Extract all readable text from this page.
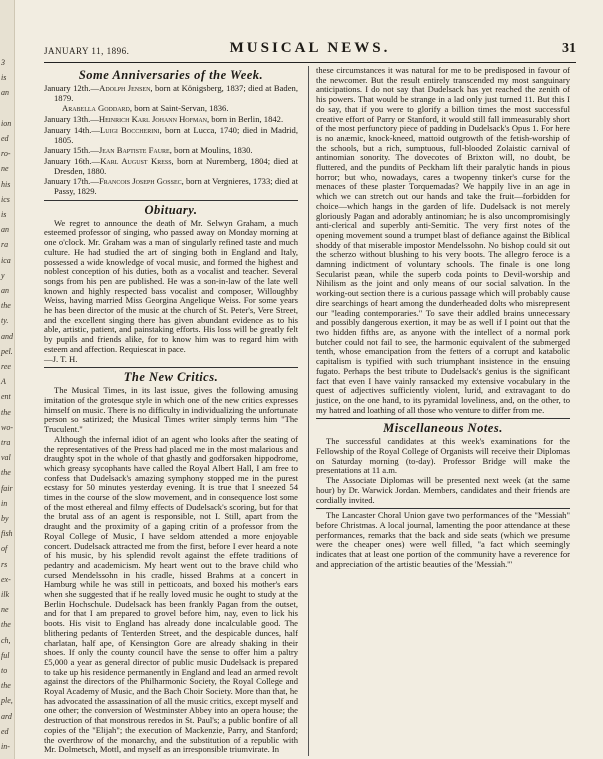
3
is
an
ion
ed
ro-
ne
his
ics
is
an
ra
ica
y
an
the
ty.
and
pel.
ree
A
ent
the
wo-
tra
val
the
fair
in
by
fish
of
rs
ex-
ilk
ne
the
ch,
ful
to
the
ple,
ard
ed
in-
JANUARY 11, 1896.	MUSICAL NEWS.	31
Some Anniversaries of the Week.

January 12th.—Adolph Jensen, born at Königsberg, 1837; died at Baden, 1879.

Arabella Goddard, born at Saint-Servan, 1836.

January 13th.—Heinrich Karl Johann Hofman, born in Berlin, 1842.

January 14th.—Luigi Boccherini, born at Lucca, 1740; died in Madrid, 1805.

January 15th.—Jean Baptiste Faure, born at Moulins, 1830.

January 16th.—Karl August Kress, born at Nuremberg, 1804; died at Dresden, 1880.

January 17th.—Francois Joseph Gossec, born at Vergnieres, 1733; died at Passy, 1829.

Obituary.

We regret to announce the death of Mr. Selwyn Graham, a much esteemed professor of singing, who passed away on Monday morning at one o'clock. Mr. Graham was a man of singularly refined taste and much culture. He had studied the art of singing both in England and Italy, possessed a wide knowledge of vocal music, and formed the highest and noblest conception of his duties, both as a vocalist and teacher. Several songs from his pen are published. He was a son-in-law of the late well known and highly respected bass vocalist and composer, Willoughby Weiss, having married Miss Georgina Angelique Weiss. For some years he has been director of the music at the church of St. Peter's, Vere Street, and the excellent singing there has given abundant evidence as to his able, artistic, patient, and painstaking efforts. His loss will be greatly felt by pupils and friends alike, for to know him was to regard him with esteem and affection. Requiescat in pace.

—J. T. H.

The New Critics.

The Musical Times, in its last issue, gives the following amusing imitation of the grotesque style in which one of the new critics expresses himself on music. There is no difficulty in individualizing the unfortunate person so satirized; the Musical Times writer simply terms him "The Truculent."

Although the infernal idiot of an agent who looks after the seating of the representatives of the Press had placed me in the most malarious and draughty spot in the whole of that ghastly and godforsaken hippodrome, which greasy sycophants have called the Royal Albert Hall, I am free to confess that Dudelsack's amazing symphony stopped me in the purest ecstasy for 50 minutes yesterday evening. It is true that I sneezed 54 times in the course of the slow movement, and in consequence lost some of the most ethereal and filmy effects of Dudelsack's scoring, but for that the brutal ass of an agent is responsible, not I. Still, apart from the draught and the proximity of a gaping critin of a professor from the Royal College of Music, I have seldom attended a more enjoyable concert. Dudelsack attracted me from the first, before I ever heard a note of his music, by his splendid revolt against the effete traditions of pedantry and academicism. My heart went out to the brave child who cursed Mendelssohn in his cradle, hissed Brahms at a concert in Hamburg while he was still in petticoats, and boxed his mother's ears when she suggested that if he really loved music he ought to study at the Berlin Hochschule. Dudelsack has been frankly Pagan from the outset, and for that I am prepared to grovel before him, nay, even to lick his boots. His visit to England has already done incalculable good. The blithering pedants of Tenterden Street, and the despicable dunces, half charlatan, half ape, of Kensington Gore are already shaking in their shoes. If only the county council have the sense to offer him a paltry £5,000 a year as general director of public music Dudelsack is prepared to take up his residence permanently in England and lead an armed revolt against the directors of the Philharmonic Society, the Royal College and Royal Academy of Music, and the Bach Choir Society. More than that, he has advocated the assassination of all the music critics, except myself and one other; the conversion of Westminster Abbey into an opera house; the destruction of that monstrous reredos in St. Paul's; a public bonfire of all copies of the "Elijah"; the execution of Mackenzie, Parry, and Stanford; the overthrow of the monarchy, and the substitution of a republic with Mr. Dolmetsch, Mottl, and myself as an irresponsible triumvirate. In

these circumstances it was natural for me to be predisposed in favour of the newcomer. But the result entirely transcended my most sanguinary anticipations. I do not say that Dudelsack has yet reached the zenith of his powers. That would be strange in a lad only just turned 11. But this I do say, that if you were to glorify a billion times the most successful creative effort of Parry or Stanford, it would still fall immeasurably short of the most perfunctory piece of padding in Dudelsack's Opus 1. For here is no anæmic, knock-kneed, mattoid outgrowth of the fetish-worship of the schools, but a rich, sumptuous, full-blooded Zolaistic carnival of antinomian sonority. The dovecotes of Brixton will, no doubt, be fluttered, and the pundits of Peckham lift their paralytic hands in pious horror; but who, nowadays, cares a twopenny tinker's curse for the menaces of these plaster Torquemadas? We happily live in an age in which we can stretch out our hands and take the fruit—forbidden for choice—which hangs in the garden of life. Dudelsack is not merely gloriously Pagan and adorably antinomian; he is also uncompromisingly anti-clerical and superbly anti-Semitic. The very first notes of the opening movement sound a trumpet blast of defiance against the Biblical shoddy of that miserable impostor Mendelssohn. No bishop could sit out the scherzo without blushing to his very boots. The allegro feroce is a damning indictment of voluntary schools. The finale is one long Secularist pæan, while the superb coda points to Devil-worship and Nihilism as the joint and only means of our social salvation. In the working-out section there is a curious passage which will probably cause dire searchings of heart among the dunderheaded dolts who misrepresent our "leading contemporaries." To save their addled brains unnecessary and possibly dangerous exertion, it may be as well if I point out that the two hidden fifths are, as anyone with the intellect of a normal pork butcher could not fail to see, the harmonic equivalent of the submerged tenth, whose emancipation from the fetters of a corrupt and katabolic capitalism is typified with such triumphant insistence in the ensuing fugato. Perhaps the best tribute to Dudelsack's genius is the significant fact that even I have vainly ransacked my extensive vocabulary in the quest of adjectives sufficiently violent, lurid, and extravagant to do justice, on the one hand, to its pyramidal loveliness, and, on the other, to my hatred and loathing of all those who venture to differ from me.

Miscellaneous Notes.

The successful candidates at this week's examinations for the Fellowship of the Royal College of Organists will receive their Diplomas on Saturday morning (to-day). Professor Bridge will make the presentations at 11 a.m.

The Associate Diplomas will be presented next week (at the same hour) by Dr. Warwick Jordan. Members, candidates and their friends are cordially invited.

The Lancaster Choral Union gave two performances of the "Messiah" before Christmas. A local journal, lamenting the poor attendance at these performances, remarks that the back and side seats (which we presume were the cheaper ones) were well filled, "a fact which seemingly indicates that at least one portion of the community have a reverence for and appreciation of the artistic beauties of the 'Messiah.'"
